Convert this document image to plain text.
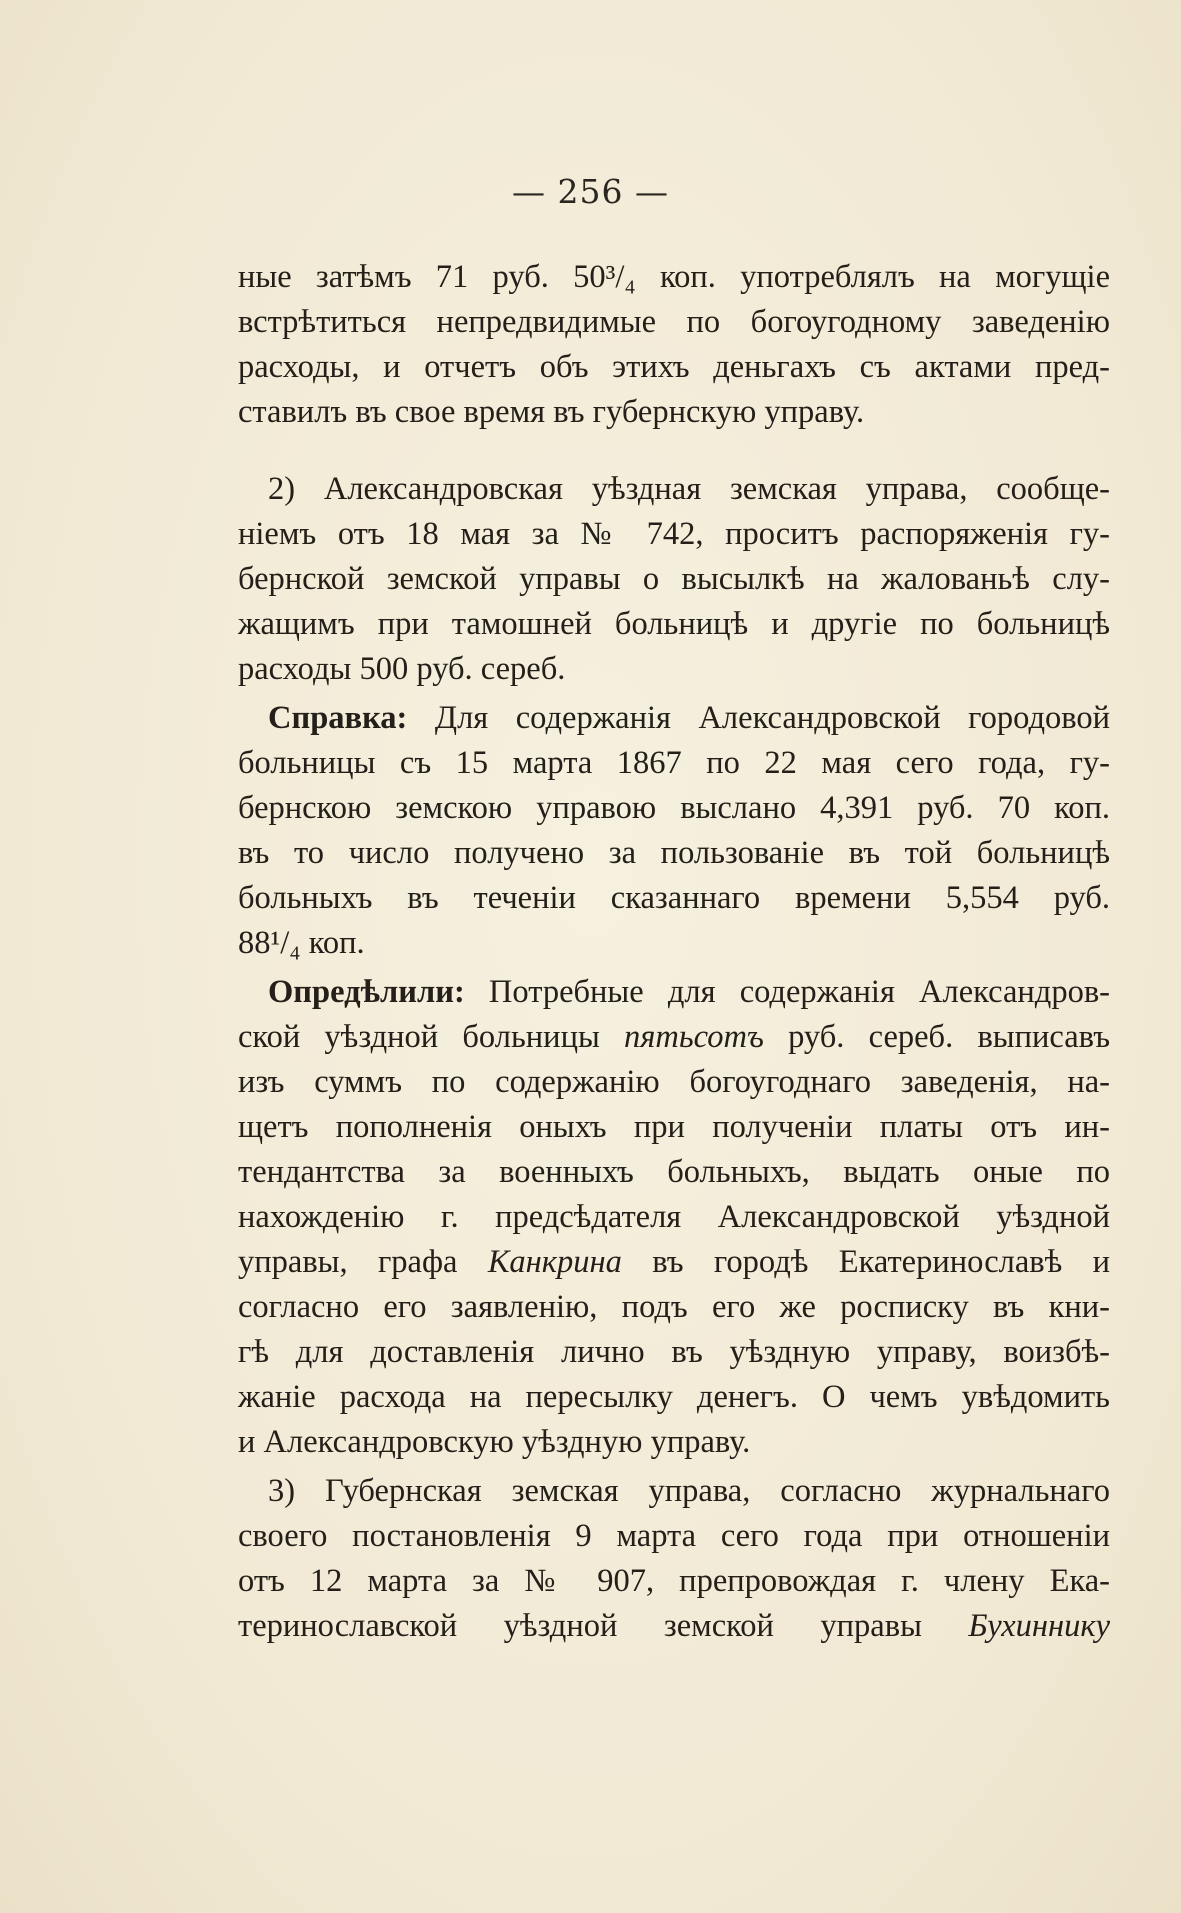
— 256 —

ные затѣмъ 71 руб. 50³/₄ коп. употреблялъ на могущіе

встрѣтиться непредвидимые по богоугодному заведенію

расходы, и отчетъ объ этихъ деньгахъ съ актами пред-

ставилъ въ свое время въ губернскую управу.

2) Александровская уѣздная земская управа, сообще-

ніемъ отъ 18 мая за № 742, проситъ распоряженія гу-

бернской земской управы о высылкѣ на жалованьѣ слу-

жащимъ при тамошней больницѣ и другіе по больницѣ

расходы 500 руб. сереб.

Справка: Для содержанія Александровской городовой

больницы съ 15 марта 1867 по 22 мая сего года, гу-

бернскою земскою управою выслано 4,391 руб. 70 коп.

въ то число получено за пользованіе въ той больницѣ

больныхъ въ теченіи сказаннаго времени 5,554 руб.

88¹/₄ коп.

Опредѣлили: Потребные для содержанія Александров-

ской уѣздной больницы пятьсотъ руб. сереб. выписавъ

изъ суммъ по содержанію богоугоднаго заведенія, на-

щетъ пополненія оныхъ при полученіи платы отъ ин-

тендантства за военныхъ больныхъ, выдать оные по

нахожденію г. предсѣдателя Александровской уѣздной

управы, графа Канкрина въ городѣ Екатеринославѣ и

согласно его заявленію, подъ его же росписку въ кни-

гѣ для доставленія лично въ уѣздную управу, воизбѣ-

жаніе расхода на пересылку денегъ. О чемъ увѣдомить

и Александровскую уѣздную управу.

3) Губернская земская управа, согласно журнальнаго

своего постановленія 9 марта сего года при отношеніи

отъ 12 марта за № 907, препровождая г. члену Ека-

теринославской уѣздной земской управы Бухиннику
